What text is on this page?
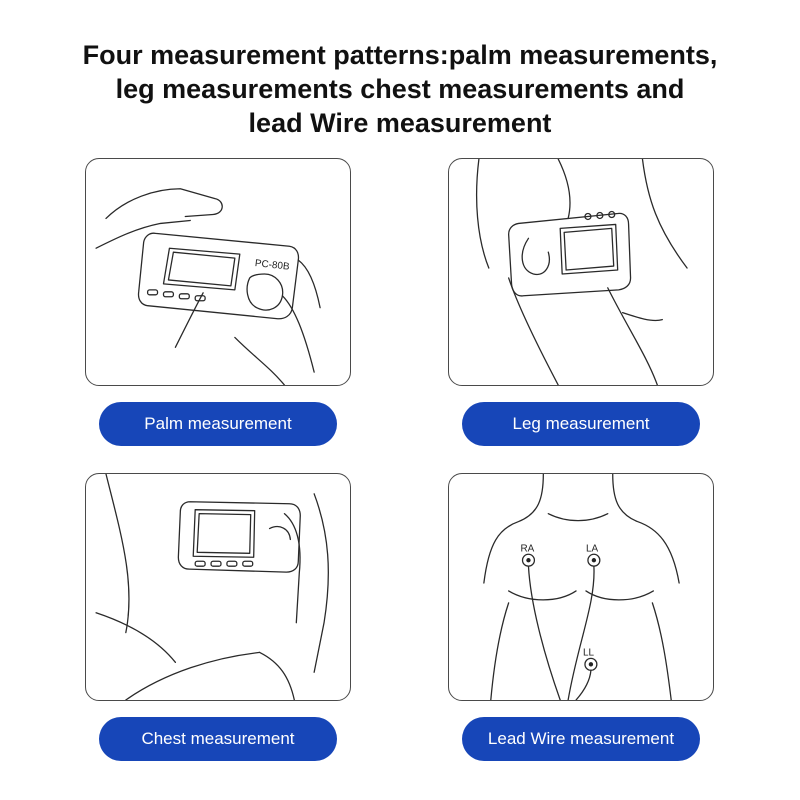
Four measurement patterns:palm measurements,
leg measurements chest measurements and
lead Wire measurement
PC-80B
Palm measurement	Leg measurement
RA	LA
LL
Chest measurement	Lead Wire measurement
